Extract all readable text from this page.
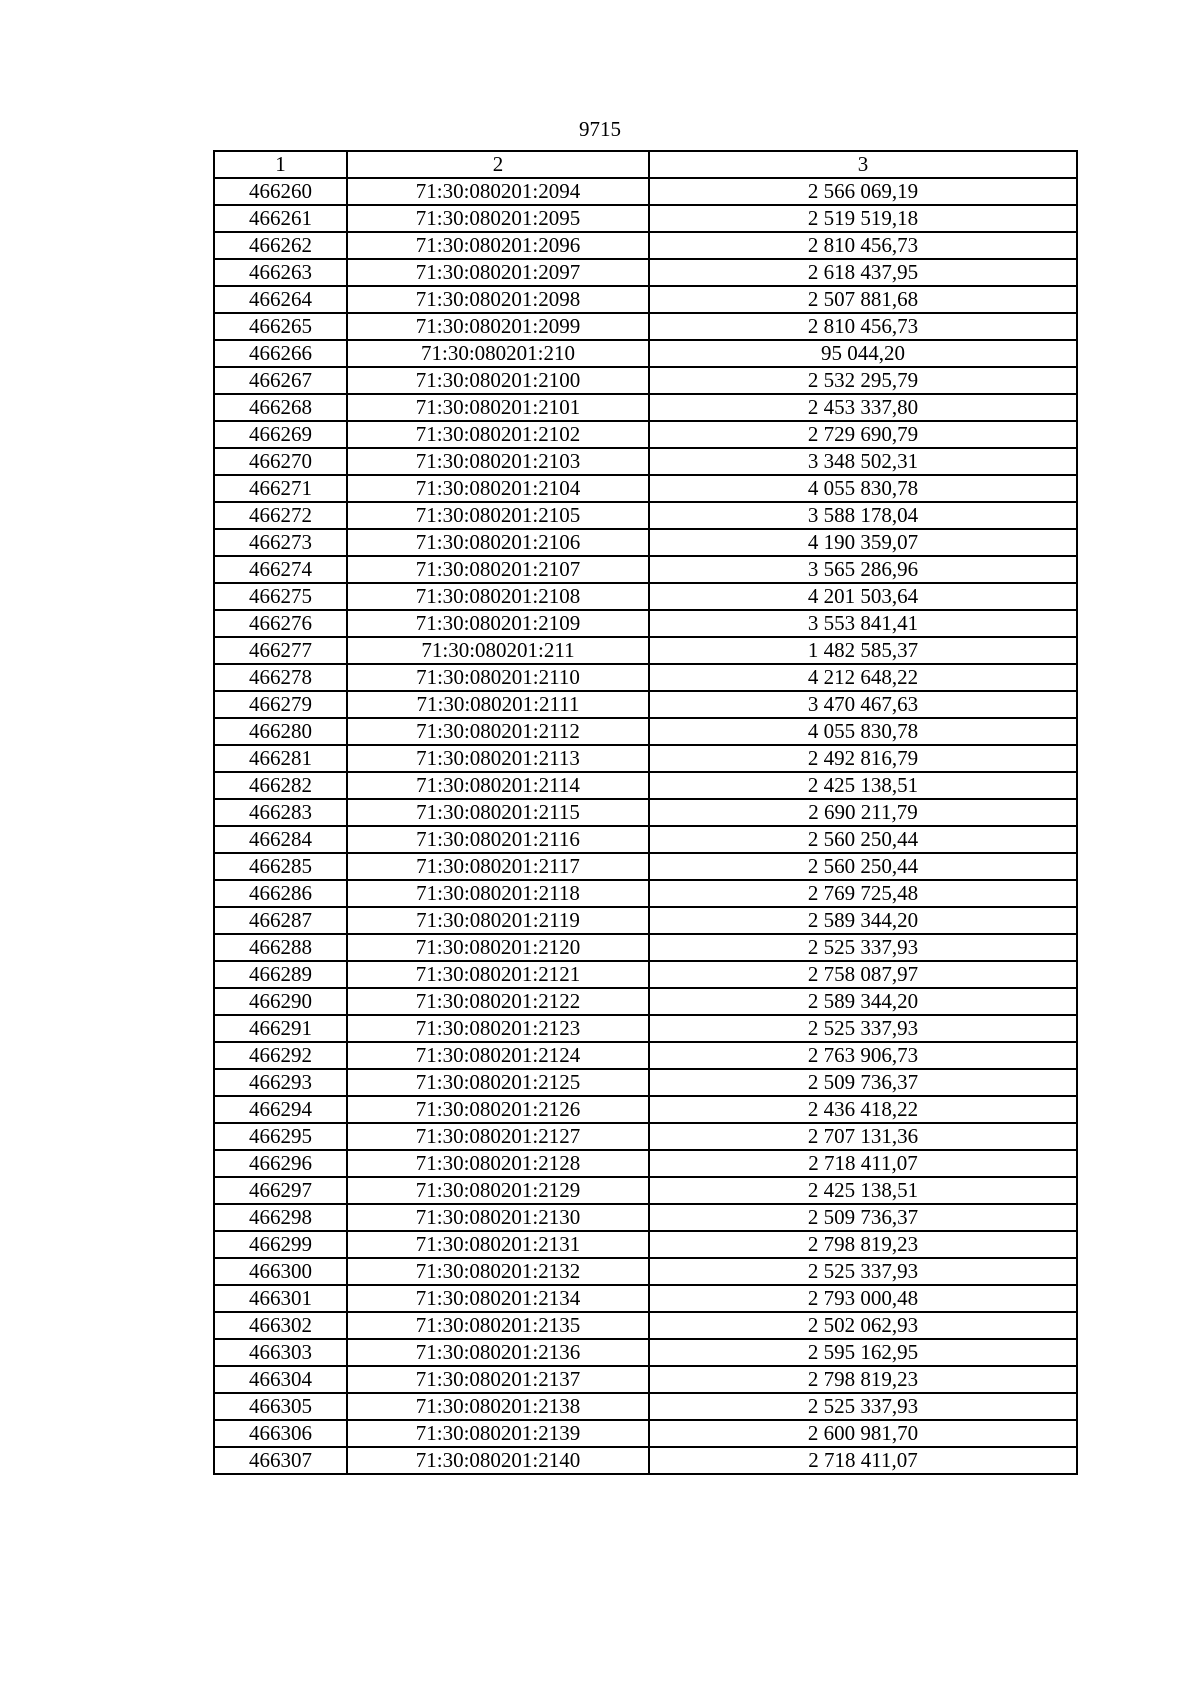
9715
1	2	3
466260	71:30:080201:2094	2 566 069,19
466261	71:30:080201:2095	2 519 519,18
466262	71:30:080201:2096	2 810 456,73
466263	71:30:080201:2097	2 618 437,95
466264	71:30:080201:2098	2 507 881,68
466265	71:30:080201:2099	2 810 456,73
466266	71:30:080201:210	95 044,20
466267	71:30:080201:2100	2 532 295,79
466268	71:30:080201:2101	2 453 337,80
466269	71:30:080201:2102	2 729 690,79
466270	71:30:080201:2103	3 348 502,31
466271	71:30:080201:2104	4 055 830,78
466272	71:30:080201:2105	3 588 178,04
466273	71:30:080201:2106	4 190 359,07
466274	71:30:080201:2107	3 565 286,96
466275	71:30:080201:2108	4 201 503,64
466276	71:30:080201:2109	3 553 841,41
466277	71:30:080201:211	1 482 585,37
466278	71:30:080201:2110	4 212 648,22
466279	71:30:080201:2111	3 470 467,63
466280	71:30:080201:2112	4 055 830,78
466281	71:30:080201:2113	2 492 816,79
466282	71:30:080201:2114	2 425 138,51
466283	71:30:080201:2115	2 690 211,79
466284	71:30:080201:2116	2 560 250,44
466285	71:30:080201:2117	2 560 250,44
466286	71:30:080201:2118	2 769 725,48
466287	71:30:080201:2119	2 589 344,20
466288	71:30:080201:2120	2 525 337,93
466289	71:30:080201:2121	2 758 087,97
466290	71:30:080201:2122	2 589 344,20
466291	71:30:080201:2123	2 525 337,93
466292	71:30:080201:2124	2 763 906,73
466293	71:30:080201:2125	2 509 736,37
466294	71:30:080201:2126	2 436 418,22
466295	71:30:080201:2127	2 707 131,36
466296	71:30:080201:2128	2 718 411,07
466297	71:30:080201:2129	2 425 138,51
466298	71:30:080201:2130	2 509 736,37
466299	71:30:080201:2131	2 798 819,23
466300	71:30:080201:2132	2 525 337,93
466301	71:30:080201:2134	2 793 000,48
466302	71:30:080201:2135	2 502 062,93
466303	71:30:080201:2136	2 595 162,95
466304	71:30:080201:2137	2 798 819,23
466305	71:30:080201:2138	2 525 337,93
466306	71:30:080201:2139	2 600 981,70
466307	71:30:080201:2140	2 718 411,07
